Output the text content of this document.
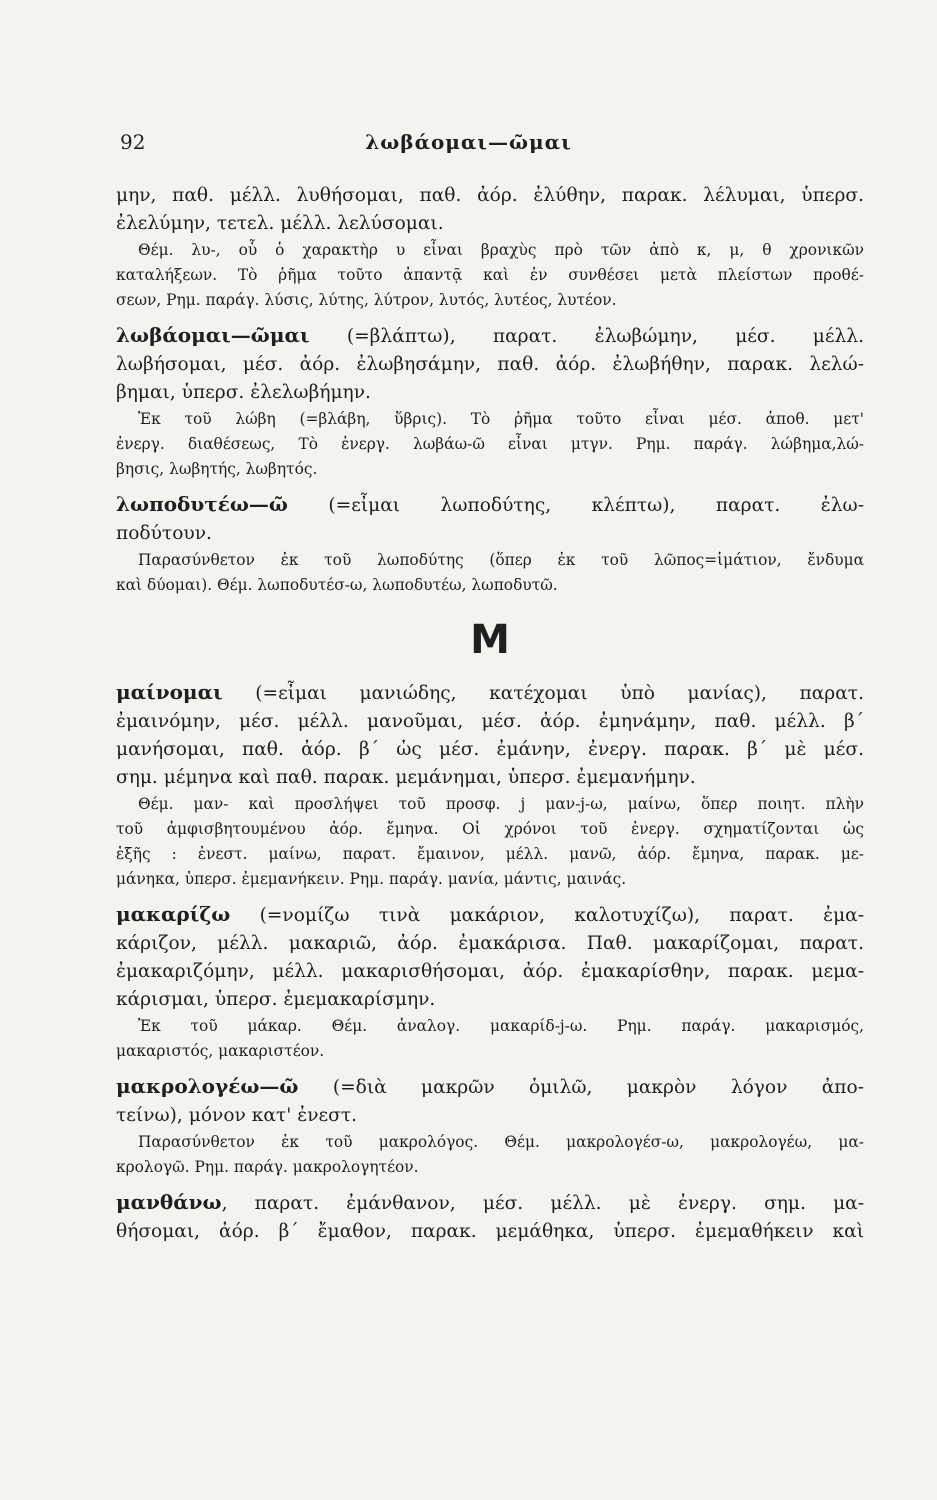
92	λωβάομαι—ῶμαι
μην, παθ. μέλλ. λυθήσομαι, παθ. ἀόρ. ἐλύθην, παρακ. λέλυμαι, ὑπερσ.
ἐλελύμην, τετελ. μέλλ. λελύσομαι.
Θέμ. λυ-, οὗ ὁ χαρακτὴρ υ εἶναι βραχὺς πρὸ τῶν ἀπὸ κ, μ, θ χρονικῶν
καταλήξεων. Τὸ ῥῆμα τοῦτο ἀπαντᾷ καὶ ἐν συνθέσει μετὰ πλείστων προθέ-
σεων, Ρημ. παράγ. λύσις, λύτης, λύτρον, λυτός, λυτέος, λυτέον.
λωβάομαι—ῶμαι (=βλάπτω), παρατ. ἐλωβώμην, μέσ. μέλλ.
λωβήσομαι, μέσ. ἀόρ. ἐλωβησάμην, παθ. ἀόρ. ἐλωβήθην, παρακ. λελώ-
βημαι, ὑπερσ. ἐλελωβήμην.
Ἐκ τοῦ λώβη (=βλάβη, ὕβρις). Τὸ ῥῆμα τοῦτο εἶναι μέσ. ἀποθ. μετ'
ἐνεργ. διαθέσεως, Τὸ ἐνεργ. λωβάω-ῶ εἶναι μτγν. Ρημ. παράγ. λώβημα,λώ-
βησις, λωβητής, λωβητός.
λωποδυτέω—ῶ (=εἶμαι λωποδύτης, κλέπτω), παρατ. ἐλω-
ποδύτουν.
Παρασύνθετον ἐκ τοῦ λωποδύτης (ὅπερ ἐκ τοῦ λῶπος=ἱμάτιον, ἔνδυμα
καὶ δύομαι). Θέμ. λωποδυτέσ-ω, λωποδυτέω, λωποδυτῶ.
M
μαίνομαι (=εἶμαι μανιώδης, κατέχομαι ὑπὸ μανίας), παρατ.
ἐμαινόμην, μέσ. μέλλ. μανοῦμαι, μέσ. ἀόρ. ἐμηνάμην, παθ. μέλλ. β΄
μανήσομαι, παθ. ἀόρ. β΄ ὡς μέσ. ἐμάνην, ἐνεργ. παρακ. β΄ μὲ μέσ.
σημ. μέμηνα καὶ παθ. παρακ. μεμάνημαι, ὑπερσ. ἐμεμανήμην.
Θέμ. μαν- καὶ προσλήψει τοῦ προσφ. j μαν-j-ω, μαίνω, ὅπερ ποιητ. πλὴν
τοῦ ἀμφισβητουμένου ἀόρ. ἔμηνα. Οἱ χρόνοι τοῦ ἐνεργ. σχηματίζονται ὡς
ἑξῆς : ἐνεστ. μαίνω, παρατ. ἔμαινον, μέλλ. μανῶ, ἀόρ. ἔμηνα, παρακ. με-
μάνηκα, ὑπερσ. ἐμεμανήκειν. Ρημ. παράγ. μανία, μάντις, μαινάς.
μακαρίζω (=νομίζω τινὰ μακάριον, καλοτυχίζω), παρατ. ἐμα-
κάριζον, μέλλ. μακαριῶ, ἀόρ. ἐμακάρισα. Παθ. μακαρίζομαι, παρατ.
ἐμακαριζόμην, μέλλ. μακαρισθήσομαι, ἀόρ. ἐμακαρίσθην, παρακ. μεμα-
κάρισμαι, ὑπερσ. ἐμεμακαρίσμην.
Ἐκ τοῦ μάκαρ. Θέμ. ἀναλογ. μακαρίδ-j-ω. Ρημ. παράγ. μακαρισμός,
μακαριστός, μακαριστέον.
μακρολογέω—ῶ (=διὰ μακρῶν ὁμιλῶ, μακρὸν λόγον ἀπο-
τείνω), μόνον κατ' ἐνεστ.
Παρασύνθετον ἐκ τοῦ μακρολόγος. Θέμ. μακρολογέσ-ω, μακρολογέω, μα-
κρολογῶ. Ρημ. παράγ. μακρολογητέον.
μανθάνω, παρατ. ἐμάνθανον, μέσ. μέλλ. μὲ ἐνεργ. σημ. μα-
θήσομαι, ἀόρ. β΄ ἔμαθον, παρακ. μεμάθηκα, ὑπερσ. ἐμεμαθήκειν καὶ
